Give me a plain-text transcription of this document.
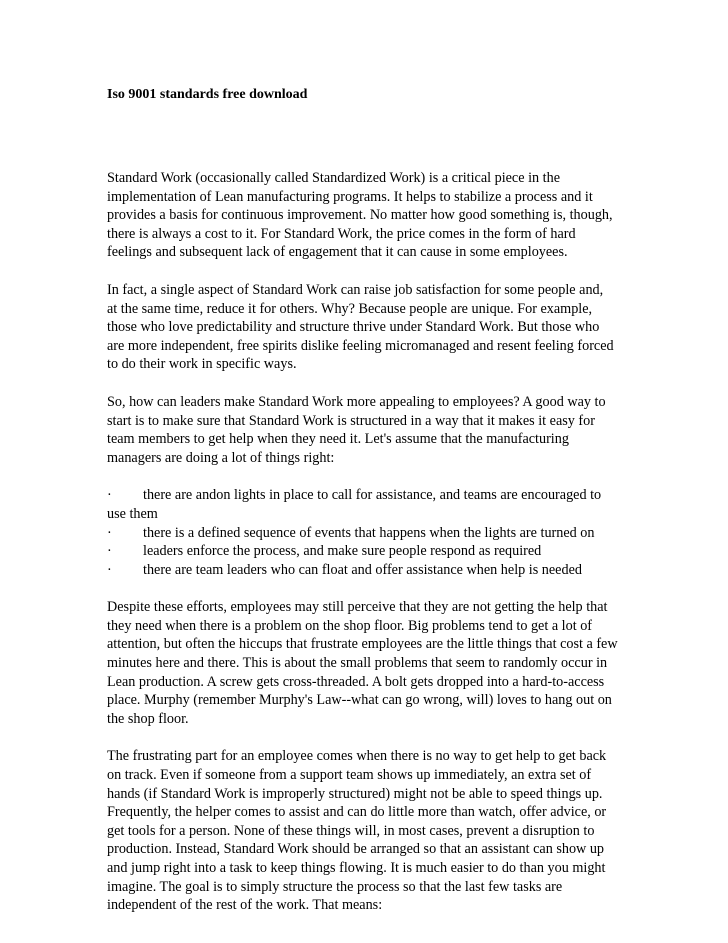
Iso 9001 standards free download

Standard Work (occasionally called Standardized Work) is a critical piece in the
implementation of Lean manufacturing programs. It helps to stabilize a process and it
provides a basis for continuous improvement. No matter how good something is, though,
there is always a cost to it. For Standard Work, the price comes in the form of hard
feelings and subsequent lack of engagement that it can cause in some employees.

In fact, a single aspect of Standard Work can raise job satisfaction for some people and,
at the same time, reduce it for others. Why? Because people are unique. For example,
those who love predictability and structure thrive under Standard Work. But those who
are more independent, free spirits dislike feeling micromanaged and resent feeling forced
to do their work in specific ways.

So, how can leaders make Standard Work more appealing to employees? A good way to
start is to make sure that Standard Work is structured in a way that it makes it easy for
team members to get help when they need it. Let's assume that the manufacturing
managers are doing a lot of things right:

· there are andon lights in place to call for assistance, and teams are encouraged to
use them
· there is a defined sequence of events that happens when the lights are turned on
· leaders enforce the process, and make sure people respond as required
· there are team leaders who can float and offer assistance when help is needed

Despite these efforts, employees may still perceive that they are not getting the help that
they need when there is a problem on the shop floor. Big problems tend to get a lot of
attention, but often the hiccups that frustrate employees are the little things that cost a few
minutes here and there. This is about the small problems that seem to randomly occur in
Lean production. A screw gets cross-threaded. A bolt gets dropped into a hard-to-access
place. Murphy (remember Murphy's Law--what can go wrong, will) loves to hang out on
the shop floor.

The frustrating part for an employee comes when there is no way to get help to get back
on track. Even if someone from a support team shows up immediately, an extra set of
hands (if Standard Work is improperly structured) might not be able to speed things up.
Frequently, the helper comes to assist and can do little more than watch, offer advice, or
get tools for a person. None of these things will, in most cases, prevent a disruption to
production. Instead, Standard Work should be arranged so that an assistant can show up
and jump right into a task to keep things flowing. It is much easier to do than you might
imagine. The goal is to simply structure the process so that the last few tasks are
independent of the rest of the work. That means:
